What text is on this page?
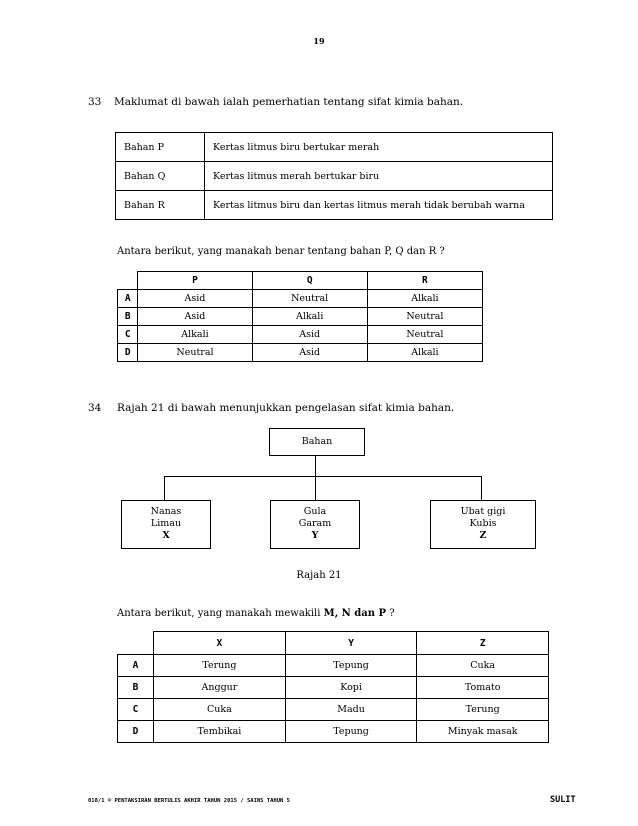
19
33 Maklumat di bawah ialah pemerhatian tentang sifat kimia bahan.
Bahan P	Kertas litmus biru bertukar merah
Bahan Q	Kertas litmus merah bertukar biru
Bahan R	Kertas litmus biru dan kertas litmus merah tidak berubah warna
Antara berikut, yang manakah benar tentang bahan P, Q dan R ?
	P	Q	R
A	Asid	Neutral	Alkali
B	Asid	Alkali	Neutral
C	Alkali	Asid	Neutral
D	Neutral	Asid	Alkali
34 Rajah 21 di bawah menunjukkan pengelasan sifat kimia bahan.
Bahan
Nanas
Limau
X
Gula
Garam
Y
Ubat gigi
Kubis
Z
Rajah 21
Antara berikut, yang manakah mewakili M, N dan P ?
	X	Y	Z
A	Terung	Tepung	Cuka
B	Anggur	Kopi	Tomato
C	Cuka	Madu	Terung
D	Tembikai	Tepung	Minyak masak
018/1 © PENTAKSIRAN BERTULIS AKHIR TAHUN 2015 / SAINS TAHUN 5	SULIT
